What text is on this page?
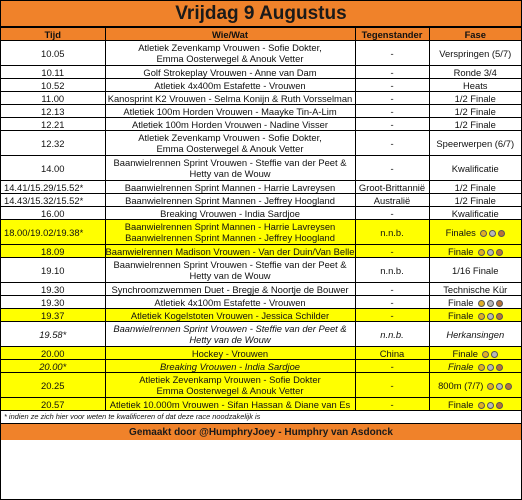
Vrijdag 9 Augustus
Tijd	Wie/Wat	Tegenstander	Fase
10.05	Atletiek Zevenkamp Vrouwen - Sofie Dokter,
Emma Oosterwegel & Anouk Vetter	-	Verspringen (5/7)
10.11	Golf Strokeplay Vrouwen - Anne van Dam	-	Ronde 3/4
10.52	Atletiek 4x400m Estafette - Vrouwen	-	Heats
11.00	Kanosprint K2 Vrouwen - Selma Konijn & Ruth Vorsselman	-	1/2 Finale
12.13	Atletiek 100m Horden Vrouwen - Maayke Tin-A-Lim	-	1/2 Finale
12.21	Atletiek 100m Horden Vrouwen - Nadine Visser	-	1/2 Finale
12.32	Atletiek Zevenkamp Vrouwen - Sofie Dokter,
Emma Oosterwegel & Anouk Vetter	-	Speerwerpen (6/7)
14.00	Baanwielrennen Sprint Vrouwen - Steffie van der Peet &
Hetty van de Wouw	-	Kwalificatie
14.41/15.29/15.52*	Baanwielrennen Sprint Mannen - Harrie Lavreysen	Groot-Brittannië	1/2 Finale
14.43/15.32/15.52*	Baanwielrennen Sprint Mannen - Jeffrey Hoogland	Australië	1/2 Finale
16.00	Breaking Vrouwen - India Sardjoe	-	Kwalificatie
18.00/19.02/19.38*	Baanwielrennen Sprint Mannen - Harrie Lavreysen
Baanwielrennen Sprint Mannen - Jeffrey Hoogland	n.n.b.	Finales
18.09	Baanwielrennen Madison Vrouwen - Van der Duin/Van Belle	-	Finale
19.10	Baanwielrennen Sprint Vrouwen - Steffie van der Peet &
Hetty van de Wouw	n.n.b.	1/16 Finale
19.30	Synchroomzwemmen Duet - Bregje & Noortje de Bouwer	-	Technische Kür
19.30	Atletiek 4x100m Estafette - Vrouwen	-	Finale
19.37	Atletiek Kogelstoten Vrouwen - Jessica Schilder	-	Finale
19.58*	Baanwielrennen Sprint Vrouwen - Steffie van der Peet &
Hetty van de Wouw	n.n.b.	Herkansingen
20.00	Hockey - Vrouwen	China	Finale
20.00*	Breaking Vrouwen - India Sardjoe	-	Finale
20.25	Atletiek Zevenkamp Vrouwen - Sofie Dokter
Emma Oosterwegel & Anouk Vetter	-	800m (7/7)
20.57	Atletiek 10.000m Vrouwen - Sifan Hassan & Diane van Es	-	Finale
* indien ze zich hier voor weten te kwalificeren of dat deze race noodzakelijk is
Gemaakt door @HumphryJoey - Humphry van Asdonck
